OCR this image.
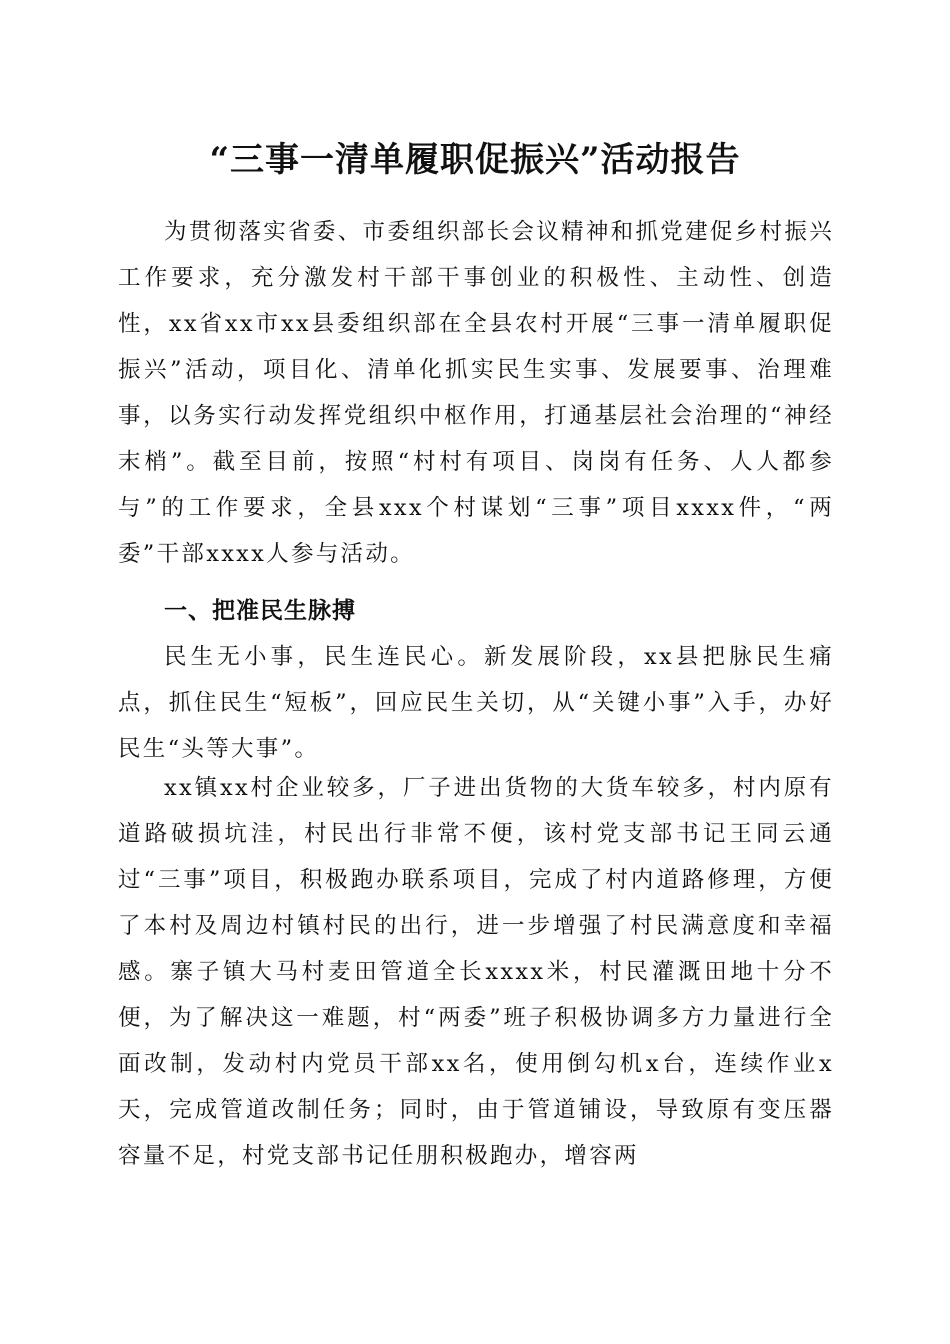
“三事一清单履职促振兴”活动报告

为贯彻落实省委、市委组织部长会议精神和抓党建促乡村振兴工作要求，充分激发村干部干事创业的积极性、主动性、创造性，xx省xx市xx县委组织部在全县农村开展“三事一清单履职促振兴”活动，项目化、清单化抓实民生实事、发展要事、治理难事，以务实行动发挥党组织中枢作用，打通基层社会治理的“神经末梢”。截至目前，按照“村村有项目、岗岗有任务、人人都参与”的工作要求，全县xxx个村谋划“三事”项目xxxx件，“两委”干部xxxx人参与活动。

一、把准民生脉搏

民生无小事，民生连民心。新发展阶段，xx县把脉民生痛点，抓住民生“短板”，回应民生关切，从“关键小事”入手，办好民生“头等大事”。

xx镇xx村企业较多，厂子进出货物的大货车较多，村内原有道路破损坑洼，村民出行非常不便，该村党支部书记王同云通过“三事”项目，积极跑办联系项目，完成了村内道路修理，方便了本村及周边村镇村民的出行，进一步增强了村民满意度和幸福感。寨子镇大马村麦田管道全长xxxx米，村民灌溉田地十分不便，为了解决这一难题，村“两委”班子积极协调多方力量进行全面改制，发动村内党员干部xx名，使用倒勾机x台，连续作业x天，完成管道改制任务；同时，由于管道铺设，导致原有变压器容量不足，村党支部书记任朋积极跑办，增容两
